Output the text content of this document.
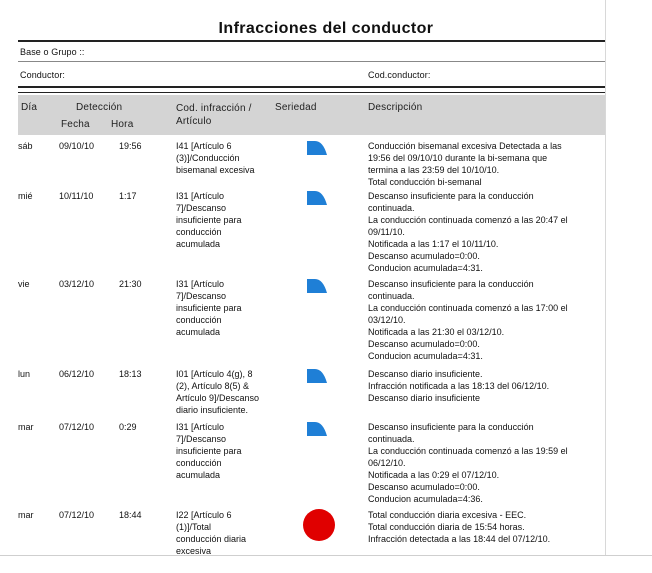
Infracciones del conductor
Base o Grupo ::
Conductor:	Cod.conductor:
Día	Detección
Fecha Hora
Cod. infracción /
Artículo
Seriedad	Descripción
sáb	09/10/10	19:56	I41 [Artículo 6
(3)]/Conducción
bisemanal excesiva

Conducción bisemanal excesiva Detectada a las
19:56 del 09/10/10 durante la bi-semana que
termina a las 23:59 del 10/10/10.
Total conducción bi-semanal
mié	10/11/10	1:17	I31 [Artículo
7]/Descanso
insuficiente para
conducción
acumulada

Descanso insuficiente para la conducción
continuada.
La conducción continuada comenzó a las 20:47 el
09/11/10.
Notificada a las 1:17 el 10/11/10.
Descanso acumulado=0:00.
Conducion acumulada=4:31.
vie	03/12/10	21:30	I31 [Artículo
7]/Descanso
insuficiente para
conducción
acumulada

Descanso insuficiente para la conducción
continuada.
La conducción continuada comenzó a las 17:00 el
03/12/10.
Notificada a las 21:30 el 03/12/10.
Descanso acumulado=0:00.
Conducion acumulada=4:31.
lun	06/12/10	18:13	I01 [Artículo 4(g), 8
(2), Artículo 8(5) &
Artículo 9]/Descanso
diario insuficiente.

Descanso diario insuficiente.
Infracción notificada a las 18:13 del 06/12/10.
Descanso diario insuficiente
mar	07/12/10	0:29	I31 [Artículo
7]/Descanso
insuficiente para
conducción
acumulada

Descanso insuficiente para la conducción
continuada.
La conducción continuada comenzó a las 19:59 el
06/12/10.
Notificada a las 0:29 el 07/12/10.
Descanso acumulado=0:00.
Conducion acumulada=4:36.
mar	07/12/10	18:44	I22 [Artículo 6
(1)]/Total
conducción diaria
excesiva

Total conducción diaria excesiva - EEC.
Total conducción diaria de 15:54 horas.
Infracción detectada a las 18:44 del 07/12/10.
